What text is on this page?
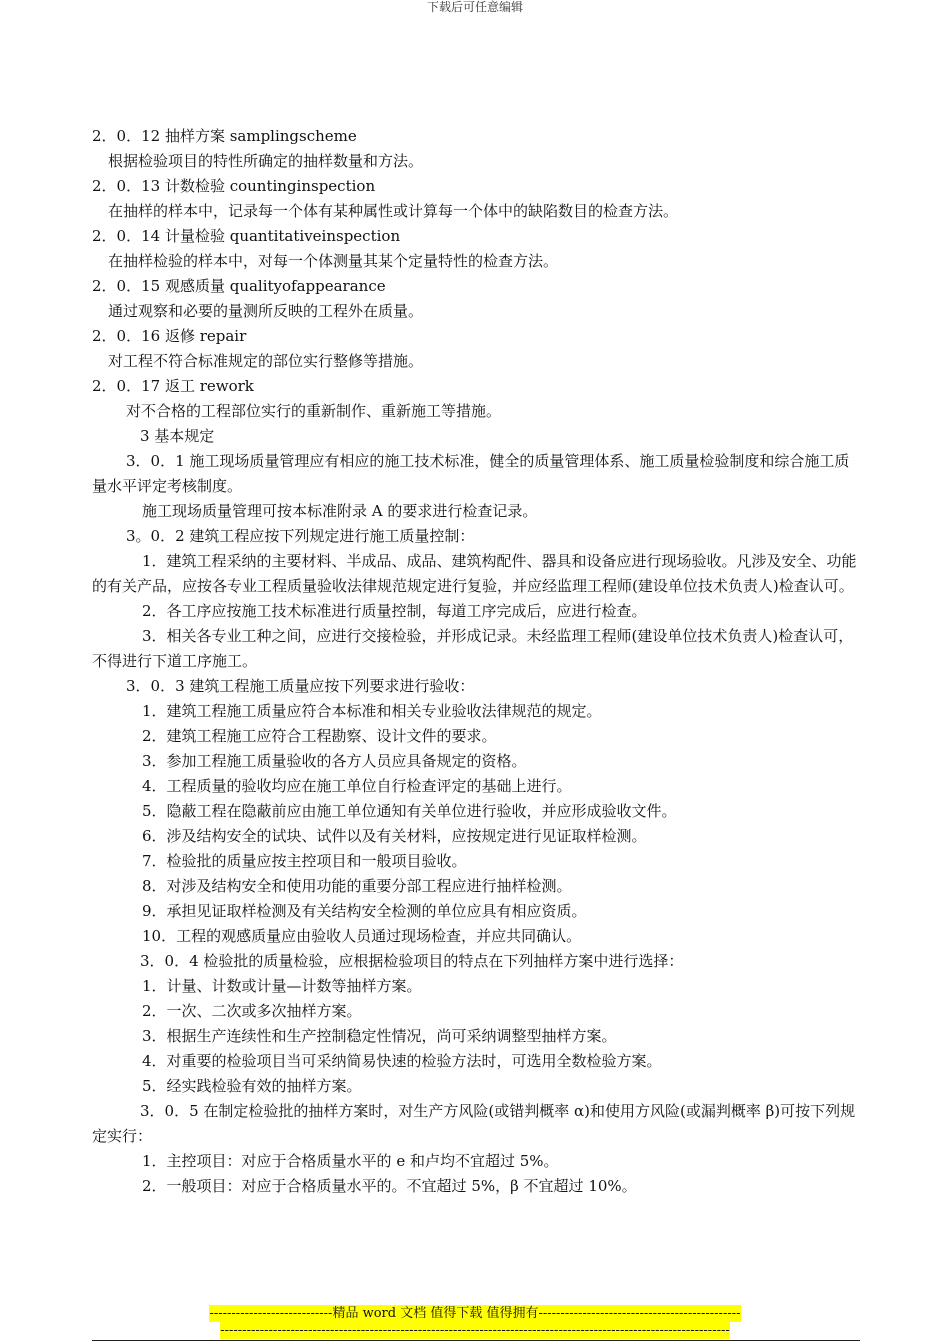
下载后可任意编辑

2．0．12 抽样方案 samplingscheme

根据检验项目的特性所确定的抽样数量和方法。

2．0．13 计数检验 countinginspection

在抽样的样本中，记录每一个体有某种属性或计算每一个体中的缺陷数目的检查方法。

2．0．14 计量检验 quantitativeinspection

在抽样检验的样本中，对每一个体测量其某个定量特性的检查方法。

2．0．15 观感质量 qualityofappearance

通过观察和必要的量测所反映的工程外在质量。

2．0．16 返修 repair

对工程不符合标准规定的部位实行整修等措施。

2．0．17 返工 rework

对不合格的工程部位实行的重新制作、重新施工等措施。

3 基本规定

3．0．1 施工现场质量管理应有相应的施工技术标准，健全的质量管理体系、施工质量检验制度和综合施工质量水平评定考核制度。

施工现场质量管理可按本标准附录 A 的要求进行检查记录。

3。0．2 建筑工程应按下列规定进行施工质量控制：

1．建筑工程采纳的主要材料、半成品、成品、建筑构配件、器具和设备应进行现场验收。凡涉及安全、功能的有关产品，应按各专业工程质量验收法律规范规定进行复验，并应经监理工程师(建设单位技术负责人)检查认可。

2．各工序应按施工技术标准进行质量控制，每道工序完成后，应进行检查。

3．相关各专业工种之间，应进行交接检验，并形成记录。未经监理工程师(建设单位技术负责人)检查认可，不得进行下道工序施工。

3．0．3 建筑工程施工质量应按下列要求进行验收：

1．建筑工程施工质量应符合本标准和相关专业验收法律规范的规定。

2．建筑工程施工应符合工程勘察、设计文件的要求。

3．参加工程施工质量验收的各方人员应具备规定的资格。

4．工程质量的验收均应在施工单位自行检查评定的基础上进行。

5．隐蔽工程在隐蔽前应由施工单位通知有关单位进行验收，并应形成验收文件。

6．涉及结构安全的试块、试件以及有关材料，应按规定进行见证取样检测。

7．检验批的质量应按主控项目和一般项目验收。

8．对涉及结构安全和使用功能的重要分部工程应进行抽样检测。

9．承担见证取样检测及有关结构安全检测的单位应具有相应资质。

10．工程的观感质量应由验收人员通过现场检查，并应共同确认。

3．0．4 检验批的质量检验，应根据检验项目的特点在下列抽样方案中进行选择：

1．计量、计数或计量—计数等抽样方案。

2．一次、二次或多次抽样方案。

3．根据生产连续性和生产控制稳定性情况，尚可采纳调整型抽样方案。

4．对重要的检验项目当可采纳简易快速的检验方法时，可选用全数检验方案。

5．经实践检验有效的抽样方案。

3．0．5 在制定检验批的抽样方案时，对生产方风险(或错判概率 α)和使用方风险(或漏判概率 β)可按下列规定实行：

1．主控项目：对应于合格质量水平的 e 和卢均不宜超过 5%。

2．一般项目：对应于合格质量水平的。不宜超过 5%，β 不宜超过 10%。

----------------------------精品 word 文档 值得下载 值得拥有----------------------------------------------
--------------------------------------------------------------------------------------------------------------------
